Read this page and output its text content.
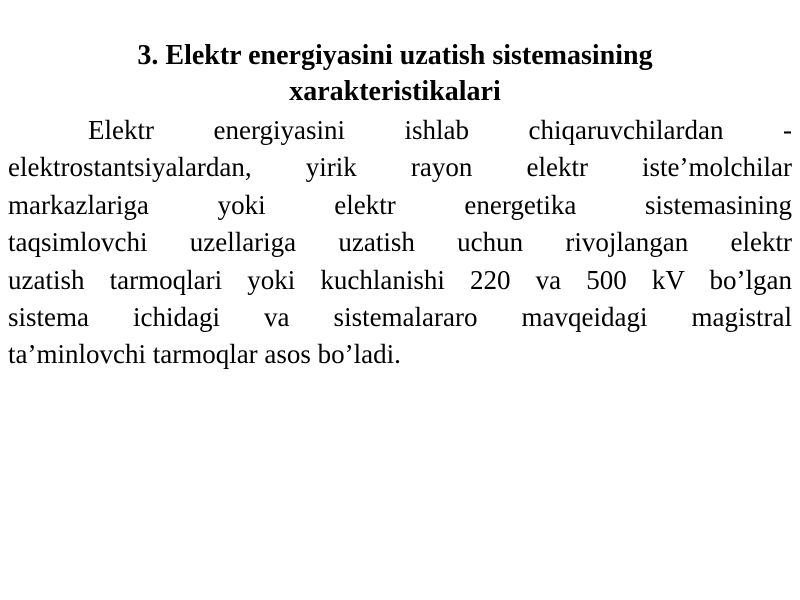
3. Elektr energiyasini uzatish sistemasining
xarakteristikalari
Elektr energiyasini ishlab chiqaruvchilardan -
elektrostantsiyalardan, yirik rayon elektr iste’molchilar
markazlariga yoki elektr energetika sistemasining
taqsimlovchi uzellariga uzatish uchun rivojlangan elektr
uzatish tarmoqlari yoki kuchlanishi 220 va 500 kV bo’lgan
sistema ichidagi va sistemalararo mavqeidagi magistral
ta’minlovchi tarmoqlar asos bo’ladi.
